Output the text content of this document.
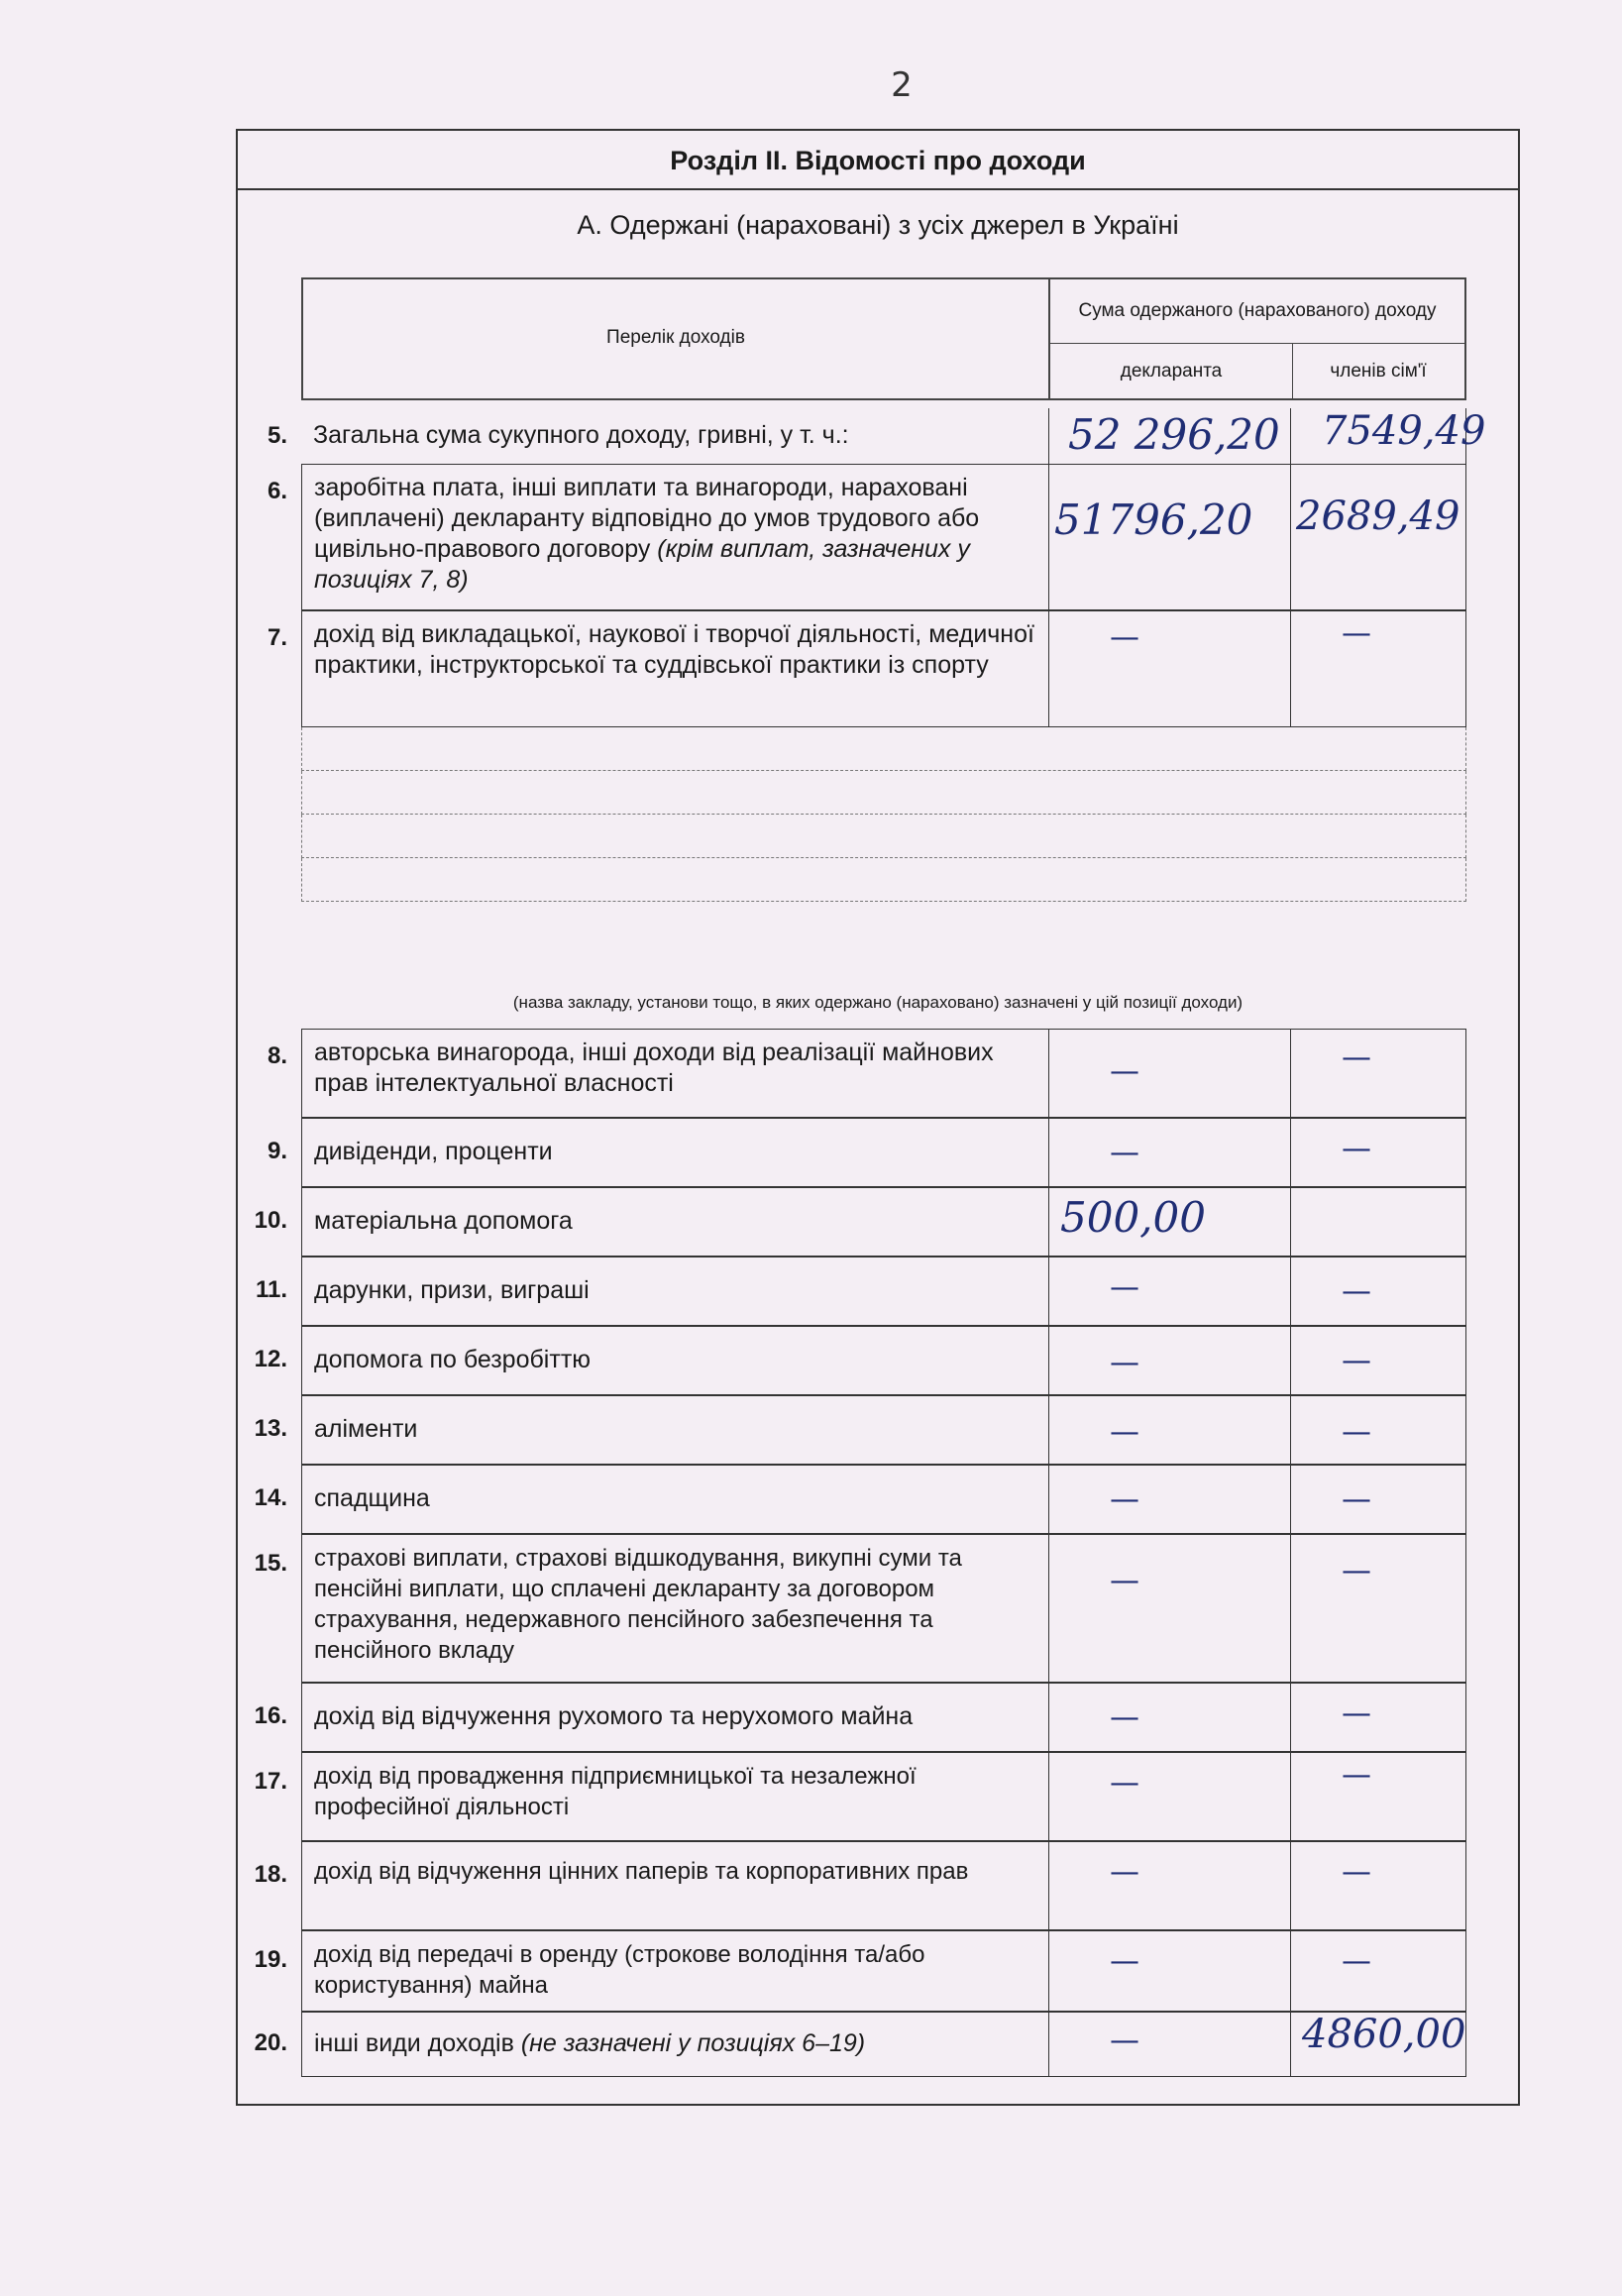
2
Розділ ІІ. Відомості про доходи
А. Одержані (нараховані) з усіх джерел в Україні
Перелік доходів
Сума одержаного (нарахованого) доходу
декларанта	членів сім'ї
5.	Загальна сума сукупного доходу, гривні, у т. ч.:	52 296,20 7549,49
6.	заробітна плата, інші виплати та винагороди, нараховані (виплачені) декларанту відповідно до умов трудового або цивільно-правового договору (крім виплат, зазначених у позиціях 7, 8)
51796,20 2689,49
7.	дохід від викладацької, наукової і творчої діяльності, медичної практики, інструкторської та суддівської практики із спорту
—	—
(назва закладу, установи тощо, в яких одержано (нараховано) зазначені у цій позиції доходи)
8.	авторська винагорода, інші доходи від реалізації майнових прав інтелектуальної власності	—	—
9.	дивіденди, проценти	—	—
10.	матеріальна допомога	500,00
11.	дарунки, призи, виграші	—	—
12.	допомога по безробіттю	—	—
13.	аліменти	—	—
14.	спадщина	—	—
15.	страхові виплати, страхові відшкодування, викупні суми та пенсійні виплати, що сплачені декларанту за договором страхування, недержавного пенсійного забезпечення та пенсійного вкладу
—	—
16.	дохід від відчуження рухомого та нерухомого майна	—	—
17.	дохід від провадження підприємницької та незалежної професійної діяльності
—	—
18.	дохід від відчуження цінних паперів та корпоративних прав	—	—
19.	дохід від передачі в оренду (строкове володіння та/або користування) майна
—	—
20.	інші види доходів (не зазначені у позиціях 6–19)	—	4860,00
